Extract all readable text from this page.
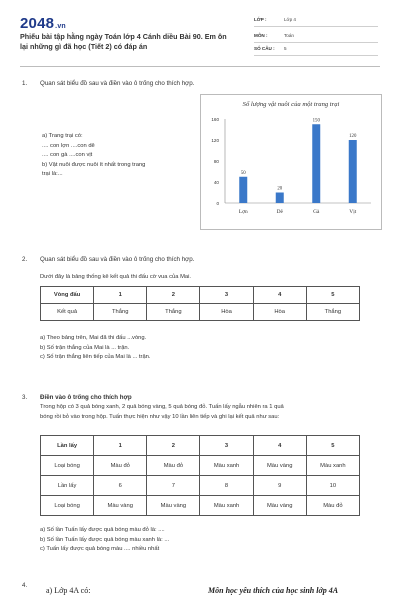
2048.vn
Phiếu bài tập hằng ngày Toán lớp 4 Cánh diều Bài 90. Em ôn lại những gì đã học (Tiết 2) có đáp án
LỚP :	Lớp 4
MÔN :	Toán
SỐ CÂU : 5
1. Quan sát biểu đồ sau và điền vào ô trống cho thích hợp.
a) Trang trại có:
.... con lợn ....con dê
.... con gà ....con vịt
b) Vật nuôi được nuôi ít nhất trong trang
trại là:...
Số lượng vật nuôi của một trang trại
0
40
80
120
160
50
Lợn
20
Dê
150
Gà
120
Vịt
2. Quan sát biểu đồ sau và điền vào ô trống cho thích hợp.
Dưới đây là bảng thống kê kết quả thi đấu cờ vua của Mai.
Vòng đấu	1	2	3	4	5
Kết quả	Thắng	Thắng	Hòa	Hòa	Thắng
a) Theo bảng trên, Mai đã thi đấu ...vòng.
b) Số trận thắng của Mai là ... trận.
c) Số trận thắng liên tiếp của Mai là ... trận.
3. Điền vào ô trống cho thích hợp
Trong hộp có 3 quả bóng xanh, 2 quả bóng vàng, 5 quả bóng đỏ. Tuấn lấy ngẫu nhiên ra 1 quả
bóng rồi bỏ vào trong hộp. Tuấn thực hiện như vậy 10 lần liên tiếp và ghi lại kết quả như sau:
Lần lấy	1	2	3	4	5
Loại bóng	Màu đỏ	Màu đỏ	Màu xanh	Màu vàng	Màu xanh
Lần lấy	6	7	8	9	10
Loại bóng	Màu vàng	Màu vàng	Màu xanh	Màu vàng	Màu đỏ
a) Số lần Tuấn lấy được quả bóng màu đỏ là: ....
b) Số lần Tuấn lấy được quả bóng màu xanh là: ...
c) Tuấn lấy được quả bóng màu .... nhiều nhất
4.
a) Lớp 4A có:	Môn học yêu thích của học sinh lớp 4A
